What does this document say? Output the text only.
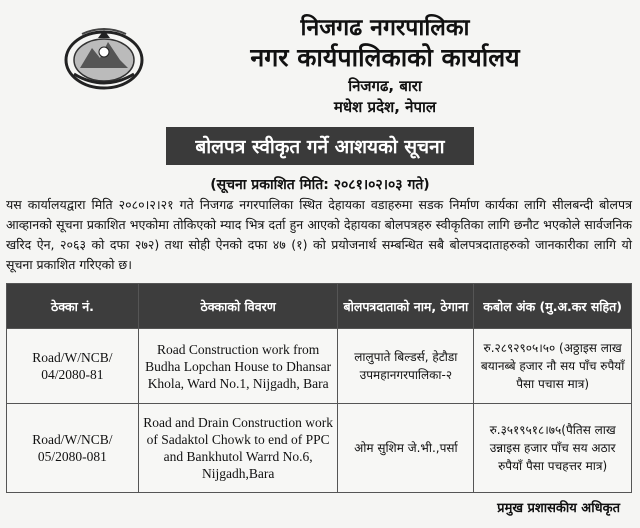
निजगढ नगरपालिका
नगर कार्यपालिकाको कार्यालय
निजगढ, बारा
मधेश प्रदेश, नेपाल
बोलपत्र स्वीकृत गर्ने आशयको सूचना
(सूचना प्रकाशित मिति: २०८१।०२।०३ गते)
यस कार्यालयद्वारा मिति २०८०।२।२१ गते निजगढ नगरपालिका स्थित देहायका वडाहरुमा सडक निर्माण कार्यका लागि सीलबन्दी बोलपत्र आव्हानको सूचना प्रकाशित भएकोमा तोकिएको म्याद भित्र दर्ता हुन आएको देहायका बोलपत्रहरु स्वीकृतिका लागि छनौट भएकोले सार्वजनिक खरिद ऐन, २०६३ को दफा २७२) तथा सोही ऐनको दफा ४७ (१) को प्रयोजनार्थ सम्बन्धित सबै बोलपत्रदाताहरुको जानकारीका लागि यो सूचना प्रकाशित गरिएको छ।
ठेक्का नं.	ठेक्काको विवरण	बोलपत्रदाताको नाम, ठेगाना	कबोल अंक (मु.अ.कर सहित)
Road/W/NCB/ 04/2080-81	Road Construction work from Budha Lopchan House to Dhansar Khola, Ward No.1, Nijgadh, Bara	लालुपाते बिल्डर्स, हेटौडा उपमहानगरपालिका-२	रु.२८९२९०५।५० (अठ्ठाइस लाख बयानब्बे हजार नौ सय पाँच रुपैयाँ पैसा पचास मात्र)
Road/W/NCB/ 05/2080-081	Road and Drain Construction work of Sadaktol Chowk to end of PPC and Bankhutol Warrd No.6, Nijgadh,Bara	ओम सुशिम जे.भी.,पर्सा	रु.३५१९५१८।७५(पैतिस लाख उन्नाइस हजार पाँच सय अठार रुपैयाँ पैसा पचहत्तर मात्र)
प्रमुख प्रशासकीय अधिकृत
